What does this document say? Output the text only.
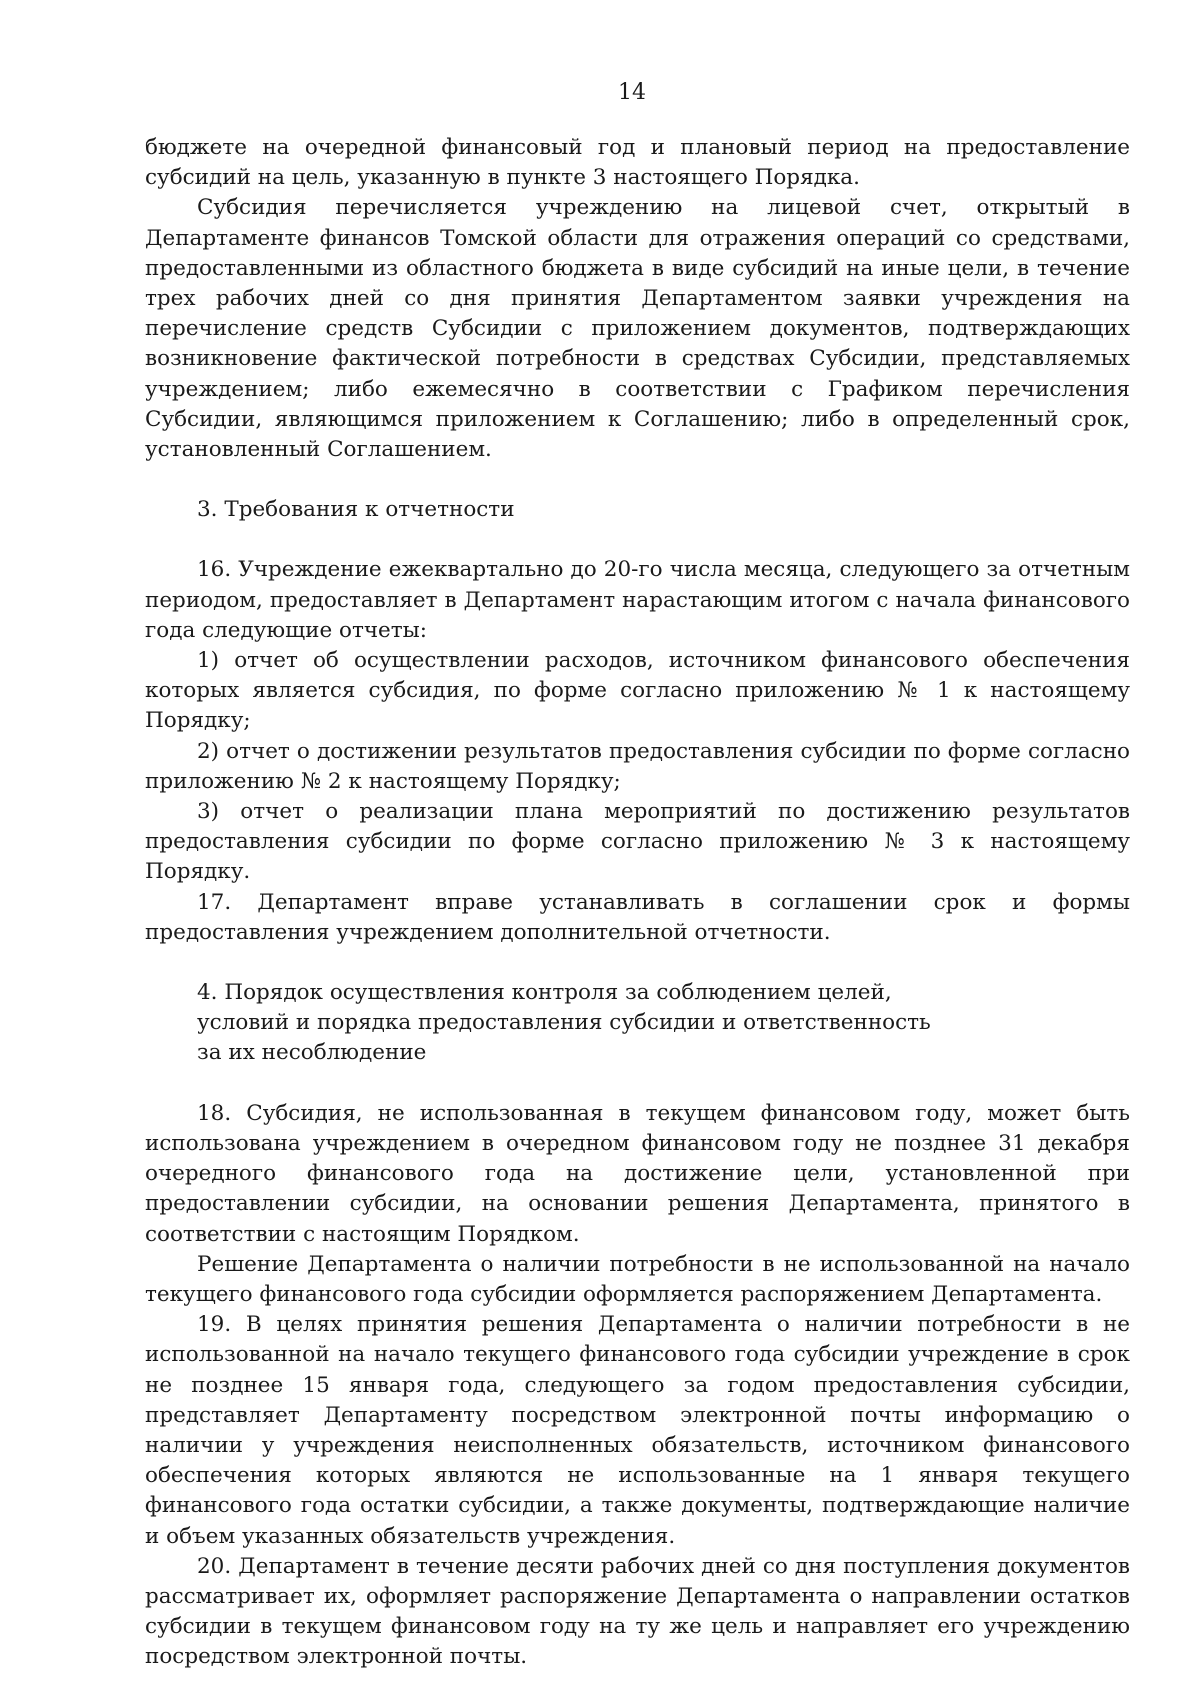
14

бюджете на очередной финансовый год и плановый период на предоставление субсидий на цель, указанную в пункте 3 настоящего Порядка.

Субсидия перечисляется учреждению на лицевой счет, открытый в Департаменте финансов Томской области для отражения операций со средствами, предоставленными из областного бюджета в виде субсидий на иные цели, в течение трех рабочих дней со дня принятия Департаментом заявки учреждения на перечисление средств Субсидии с приложением документов, подтверждающих возникновение фактической потребности в средствах Субсидии, представляемых учреждением; либо ежемесячно в соответствии с Графиком перечисления Субсидии, являющимся приложением к Соглашению; либо в определенный срок, установленный Соглашением.

3. Требования к отчетности

16. Учреждение ежеквартально до 20-го числа месяца, следующего за отчетным периодом, предоставляет в Департамент нарастающим итогом с начала финансового года следующие отчеты:

1) отчет об осуществлении расходов, источником финансового обеспечения которых является субсидия, по форме согласно приложению № 1 к настоящему Порядку;

2) отчет о достижении результатов предоставления субсидии по форме согласно приложению № 2 к настоящему Порядку;

3) отчет о реализации плана мероприятий по достижению результатов предоставления субсидии по форме согласно приложению № 3 к настоящему Порядку.

17. Департамент вправе устанавливать в соглашении срок и формы предоставления учреждением дополнительной отчетности.

4. Порядок осуществления контроля за соблюдением целей,
условий и порядка предоставления субсидии и ответственность
за их несоблюдение

18. Субсидия, не использованная в текущем финансовом году, может быть использована учреждением в очередном финансовом году не позднее 31 декабря очередного финансового года на достижение цели, установленной при предоставлении субсидии, на основании решения Департамента, принятого в соответствии с настоящим Порядком.

Решение Департамента о наличии потребности в не использованной на начало текущего финансового года субсидии оформляется распоряжением Департамента.

19. В целях принятия решения Департамента о наличии потребности в не использованной на начало текущего финансового года субсидии учреждение в срок не позднее 15 января года, следующего за годом предоставления субсидии, представляет Департаменту посредством электронной почты информацию о наличии у учреждения неисполненных обязательств, источником финансового обеспечения которых являются не использованные на 1 января текущего финансового года остатки субсидии, а также документы, подтверждающие наличие и объем указанных обязательств учреждения.

20. Департамент в течение десяти рабочих дней со дня поступления документов рассматривает их, оформляет распоряжение Департамента о направлении остатков субсидии в текущем финансовом году на ту же цель и направляет его учреждению посредством электронной почты.
